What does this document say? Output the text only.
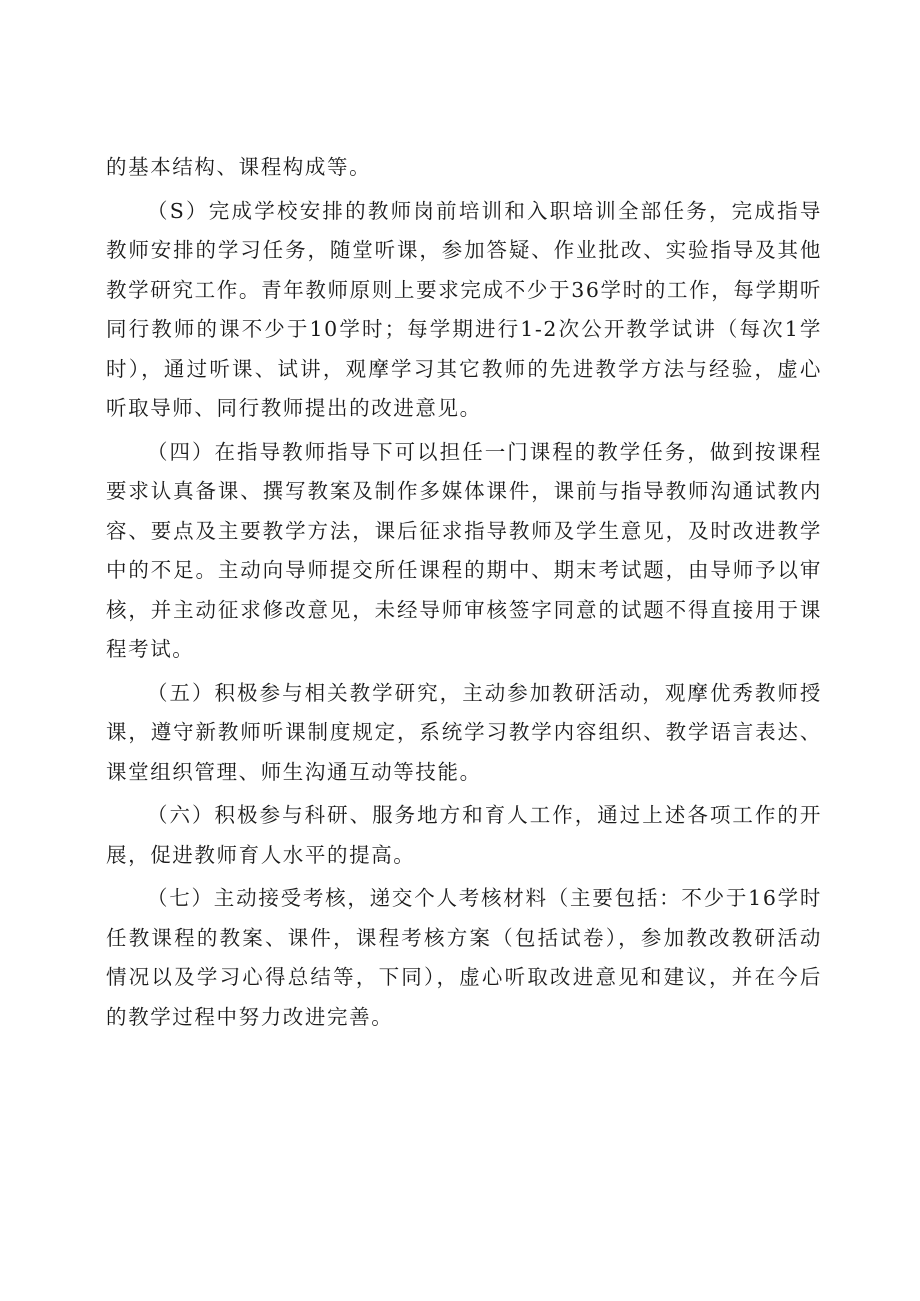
的基本结构、课程构成等。

（S）完成学校安排的教师岗前培训和入职培训全部任务，完成指导教师安排的学习任务，随堂听课，参加答疑、作业批改、实验指导及其他教学研究工作。青年教师原则上要求完成不少于36学时的工作，每学期听同行教师的课不少于10学时；每学期进行1-2次公开教学试讲（每次1学时），通过听课、试讲，观摩学习其它教师的先进教学方法与经验，虚心听取导师、同行教师提出的改进意见。

（四）在指导教师指导下可以担任一门课程的教学任务，做到按课程要求认真备课、撰写教案及制作多媒体课件，课前与指导教师沟通试教内容、要点及主要教学方法，课后征求指导教师及学生意见，及时改进教学中的不足。主动向导师提交所任课程的期中、期末考试题，由导师予以审核，并主动征求修改意见，未经导师审核签字同意的试题不得直接用于课程考试。

（五）积极参与相关教学研究，主动参加教研活动，观摩优秀教师授课，遵守新教师听课制度规定，系统学习教学内容组织、教学语言表达、课堂组织管理、师生沟通互动等技能。

（六）积极参与科研、服务地方和育人工作，通过上述各项工作的开展，促进教师育人水平的提高。

（七）主动接受考核，递交个人考核材料（主要包括：不少于16学时任教课程的教案、课件，课程考核方案（包括试卷），参加教改教研活动情况以及学习心得总结等，下同），虚心听取改进意见和建议，并在今后的教学过程中努力改进完善。
